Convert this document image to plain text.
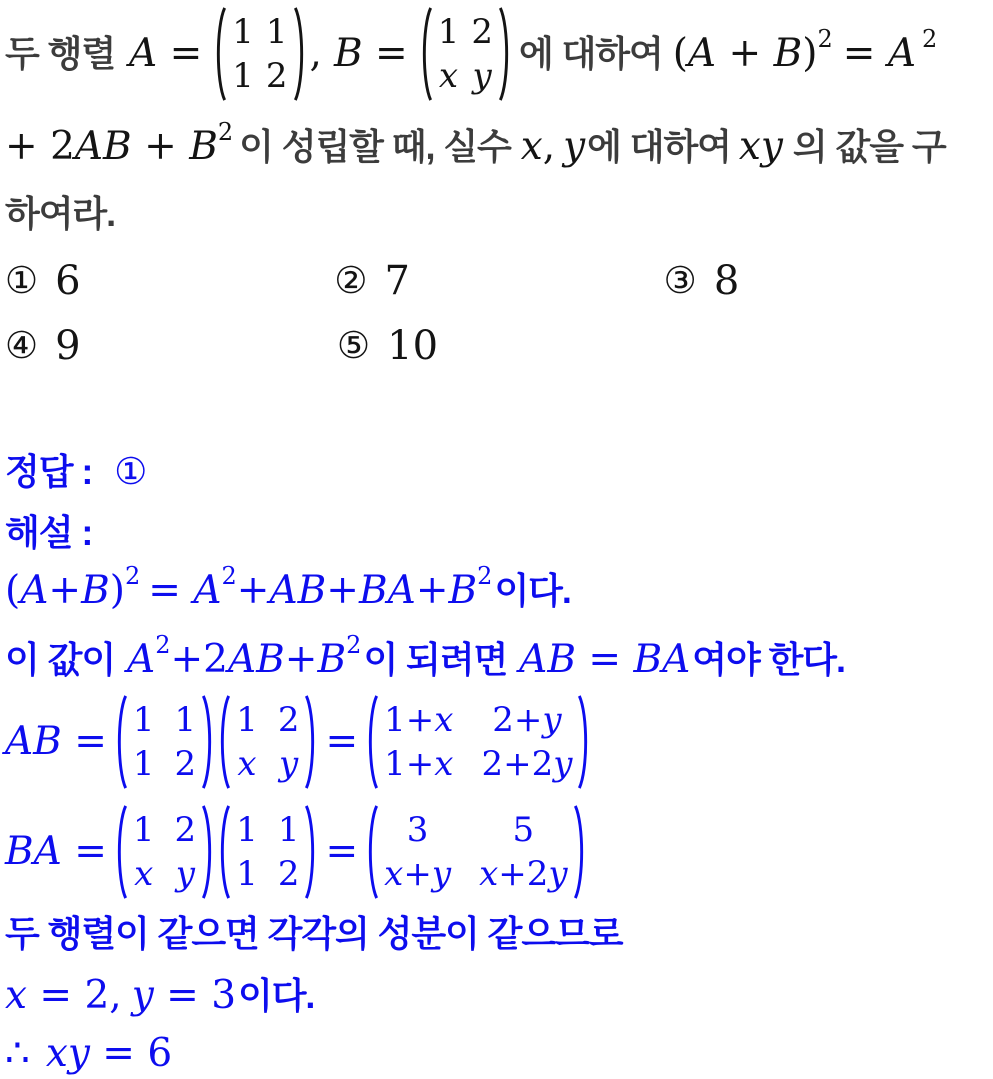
두 행렬 A = 1 1
1 2 , B = 1 2
x y
에 대하여 (A + B) 2 = A 2
+ 2AB + B 2 이 성립할 때, 실수 x, y 에 대하여 xy 의 값을 구
하여라.
① 6	② 7	③ 8
④ 9	⑤ 10
정답 : ①
해설 :
(A+B) 2 = A 2 +AB+BA+B 2 이다.
이 값이 A 2 +2AB+B 2 이 되려면 AB = BA 여야 한다.
AB = 1 1
1 2
1 2
x y = 1+x 2+y
1+x 2+2y
BA = 1 2
x y
1 1
1 2 = 3 5
x+y x+2y
두 행렬이 같으면 각각의 성분이 같으므로
x = 2, y = 3 이다.
∴ xy = 6
